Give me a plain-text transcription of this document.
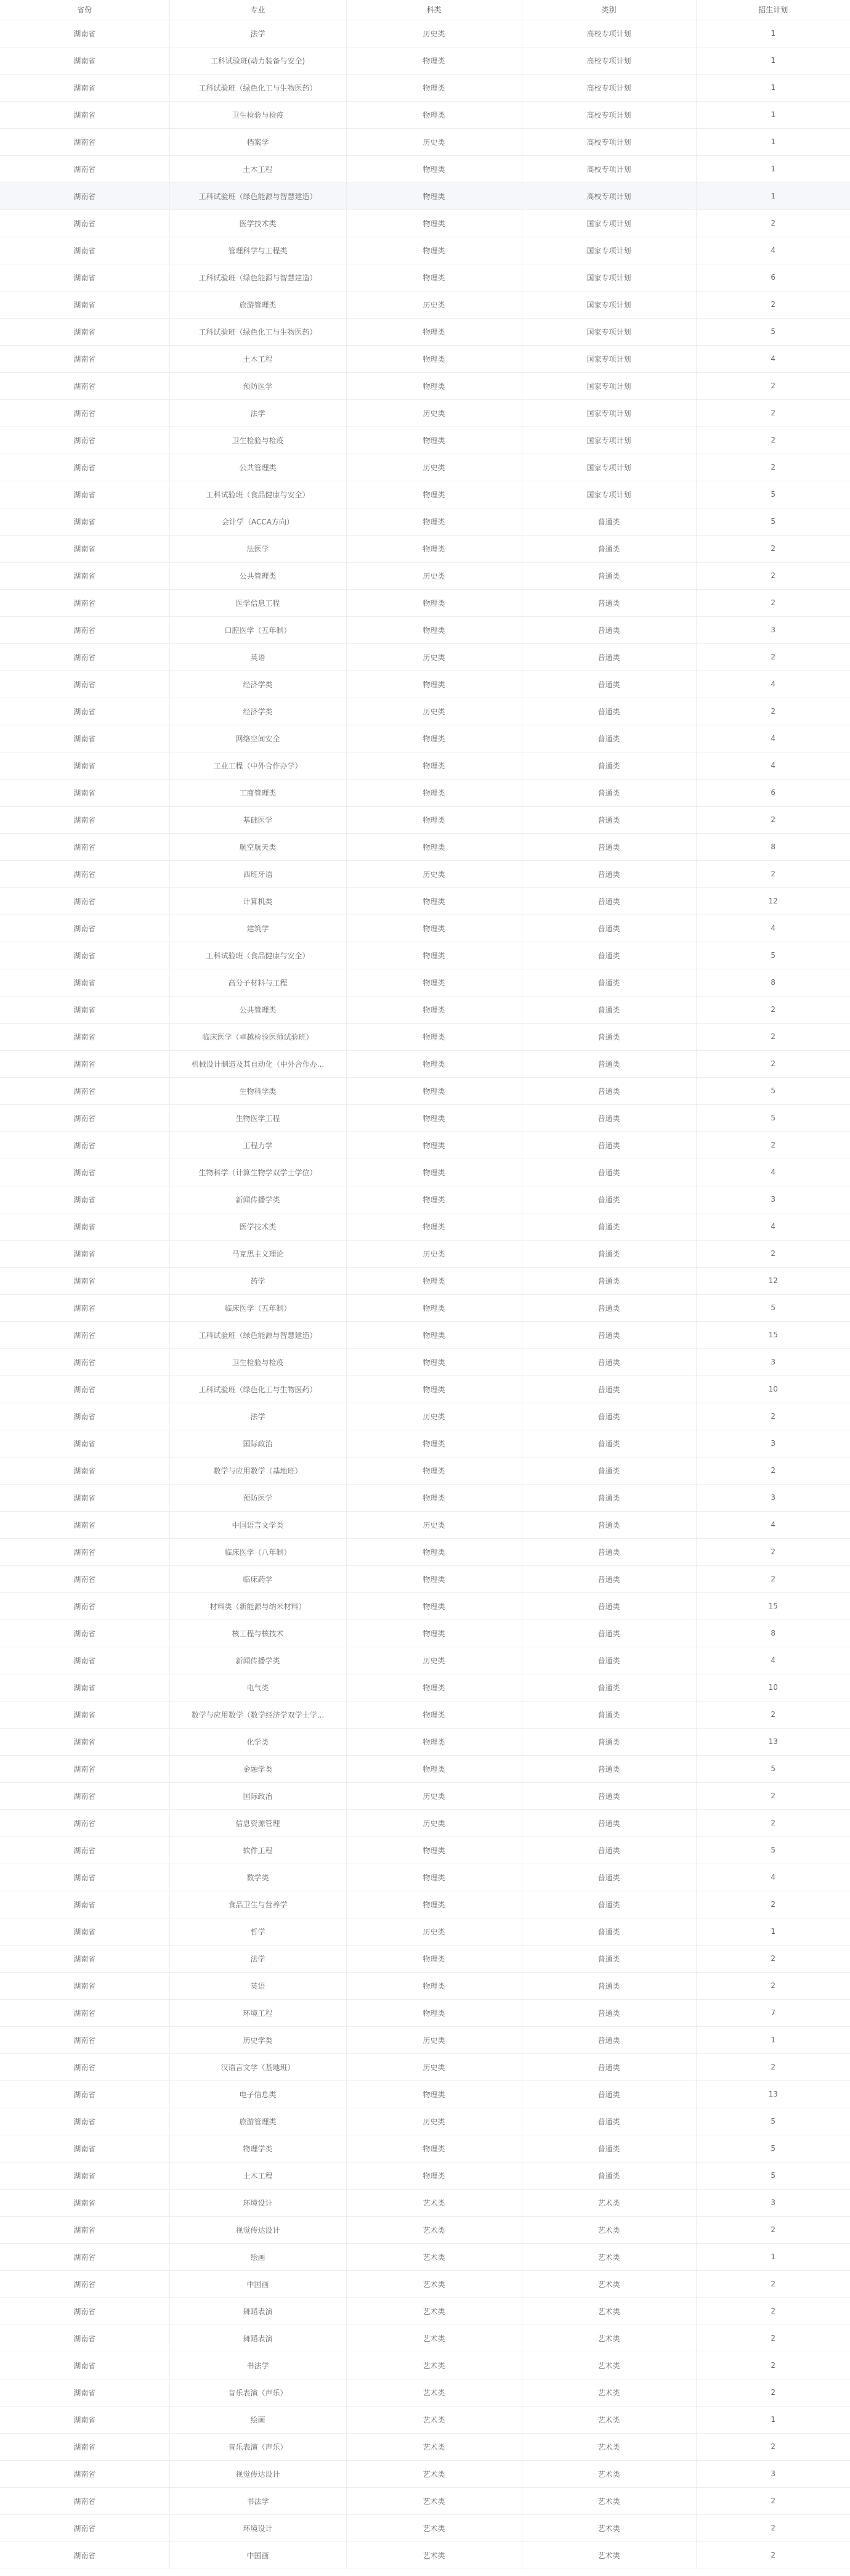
省份	专业	科类	类别	招生计划
湖南省	法学	历史类	高校专项计划	1
湖南省	工科试验班(动力装备与安全)	物理类	高校专项计划	1
湖南省	工科试验班（绿色化工与生物医药）	物理类	高校专项计划	1
湖南省	卫生检验与检疫	物理类	高校专项计划	1
湖南省	档案学	历史类	高校专项计划	1
湖南省	土木工程	物理类	高校专项计划	1
湖南省	工科试验班（绿色能源与智慧建造）	物理类	高校专项计划	1
湖南省	医学技术类	物理类	国家专项计划	2
湖南省	管理科学与工程类	物理类	国家专项计划	4
湖南省	工科试验班（绿色能源与智慧建造）	物理类	国家专项计划	6
湖南省	旅游管理类	历史类	国家专项计划	2
湖南省	工科试验班（绿色化工与生物医药）	物理类	国家专项计划	5
湖南省	土木工程	物理类	国家专项计划	4
湖南省	预防医学	物理类	国家专项计划	2
湖南省	法学	历史类	国家专项计划	2
湖南省	卫生检验与检疫	物理类	国家专项计划	2
湖南省	公共管理类	历史类	国家专项计划	2
湖南省	工科试验班（食品健康与安全）	物理类	国家专项计划	5
湖南省	会计学（ACCA方向）	物理类	普通类	5
湖南省	法医学	物理类	普通类	2
湖南省	公共管理类	历史类	普通类	2
湖南省	医学信息工程	物理类	普通类	2
湖南省	口腔医学（五年制）	物理类	普通类	3
湖南省	英语	历史类	普通类	2
湖南省	经济学类	物理类	普通类	4
湖南省	经济学类	历史类	普通类	2
湖南省	网络空间安全	物理类	普通类	4
湖南省	工业工程（中外合作办学）	物理类	普通类	4
湖南省	工商管理类	物理类	普通类	6
湖南省	基础医学	物理类	普通类	2
湖南省	航空航天类	物理类	普通类	8
湖南省	西班牙语	历史类	普通类	2
湖南省	计算机类	物理类	普通类	12
湖南省	建筑学	物理类	普通类	4
湖南省	工科试验班（食品健康与安全）	物理类	普通类	5
湖南省	高分子材料与工程	物理类	普通类	8
湖南省	公共管理类	物理类	普通类	2
湖南省	临床医学（卓越检验医师试验班）	物理类	普通类	2
湖南省	机械设计制造及其自动化（中外合作办...	物理类	普通类	2
湖南省	生物科学类	物理类	普通类	5
湖南省	生物医学工程	物理类	普通类	5
湖南省	工程力学	物理类	普通类	2
湖南省	生物科学（计算生物学双学士学位）	物理类	普通类	4
湖南省	新闻传播学类	物理类	普通类	3
湖南省	医学技术类	物理类	普通类	4
湖南省	马克思主义理论	历史类	普通类	2
湖南省	药学	物理类	普通类	12
湖南省	临床医学（五年制）	物理类	普通类	5
湖南省	工科试验班（绿色能源与智慧建造）	物理类	普通类	15
湖南省	卫生检验与检疫	物理类	普通类	3
湖南省	工科试验班（绿色化工与生物医药）	物理类	普通类	10
湖南省	法学	历史类	普通类	2
湖南省	国际政治	物理类	普通类	3
湖南省	数学与应用数学（基地班）	物理类	普通类	2
湖南省	预防医学	物理类	普通类	3
湖南省	中国语言文学类	历史类	普通类	4
湖南省	临床医学（八年制）	物理类	普通类	2
湖南省	临床药学	物理类	普通类	2
湖南省	材料类（新能源与纳米材料）	物理类	普通类	15
湖南省	核工程与核技术	物理类	普通类	8
湖南省	新闻传播学类	历史类	普通类	4
湖南省	电气类	物理类	普通类	10
湖南省	数学与应用数学（数学经济学双学士学...	物理类	普通类	2
湖南省	化学类	物理类	普通类	13
湖南省	金融学类	物理类	普通类	5
湖南省	国际政治	历史类	普通类	2
湖南省	信息资源管理	历史类	普通类	2
湖南省	软件工程	物理类	普通类	5
湖南省	数学类	物理类	普通类	4
湖南省	食品卫生与营养学	物理类	普通类	2
湖南省	哲学	历史类	普通类	1
湖南省	法学	物理类	普通类	2
湖南省	英语	物理类	普通类	2
湖南省	环境工程	物理类	普通类	7
湖南省	历史学类	历史类	普通类	1
湖南省	汉语言文学（基地班）	历史类	普通类	2
湖南省	电子信息类	物理类	普通类	13
湖南省	旅游管理类	历史类	普通类	5
湖南省	物理学类	物理类	普通类	5
湖南省	土木工程	物理类	普通类	5
湖南省	环境设计	艺术类	艺术类	3
湖南省	视觉传达设计	艺术类	艺术类	2
湖南省	绘画	艺术类	艺术类	1
湖南省	中国画	艺术类	艺术类	2
湖南省	舞蹈表演	艺术类	艺术类	2
湖南省	舞蹈表演	艺术类	艺术类	2
湖南省	书法学	艺术类	艺术类	2
湖南省	音乐表演（声乐）	艺术类	艺术类	2
湖南省	绘画	艺术类	艺术类	1
湖南省	音乐表演（声乐）	艺术类	艺术类	2
湖南省	视觉传达设计	艺术类	艺术类	3
湖南省	书法学	艺术类	艺术类	2
湖南省	环境设计	艺术类	艺术类	2
湖南省	中国画	艺术类	艺术类	2
